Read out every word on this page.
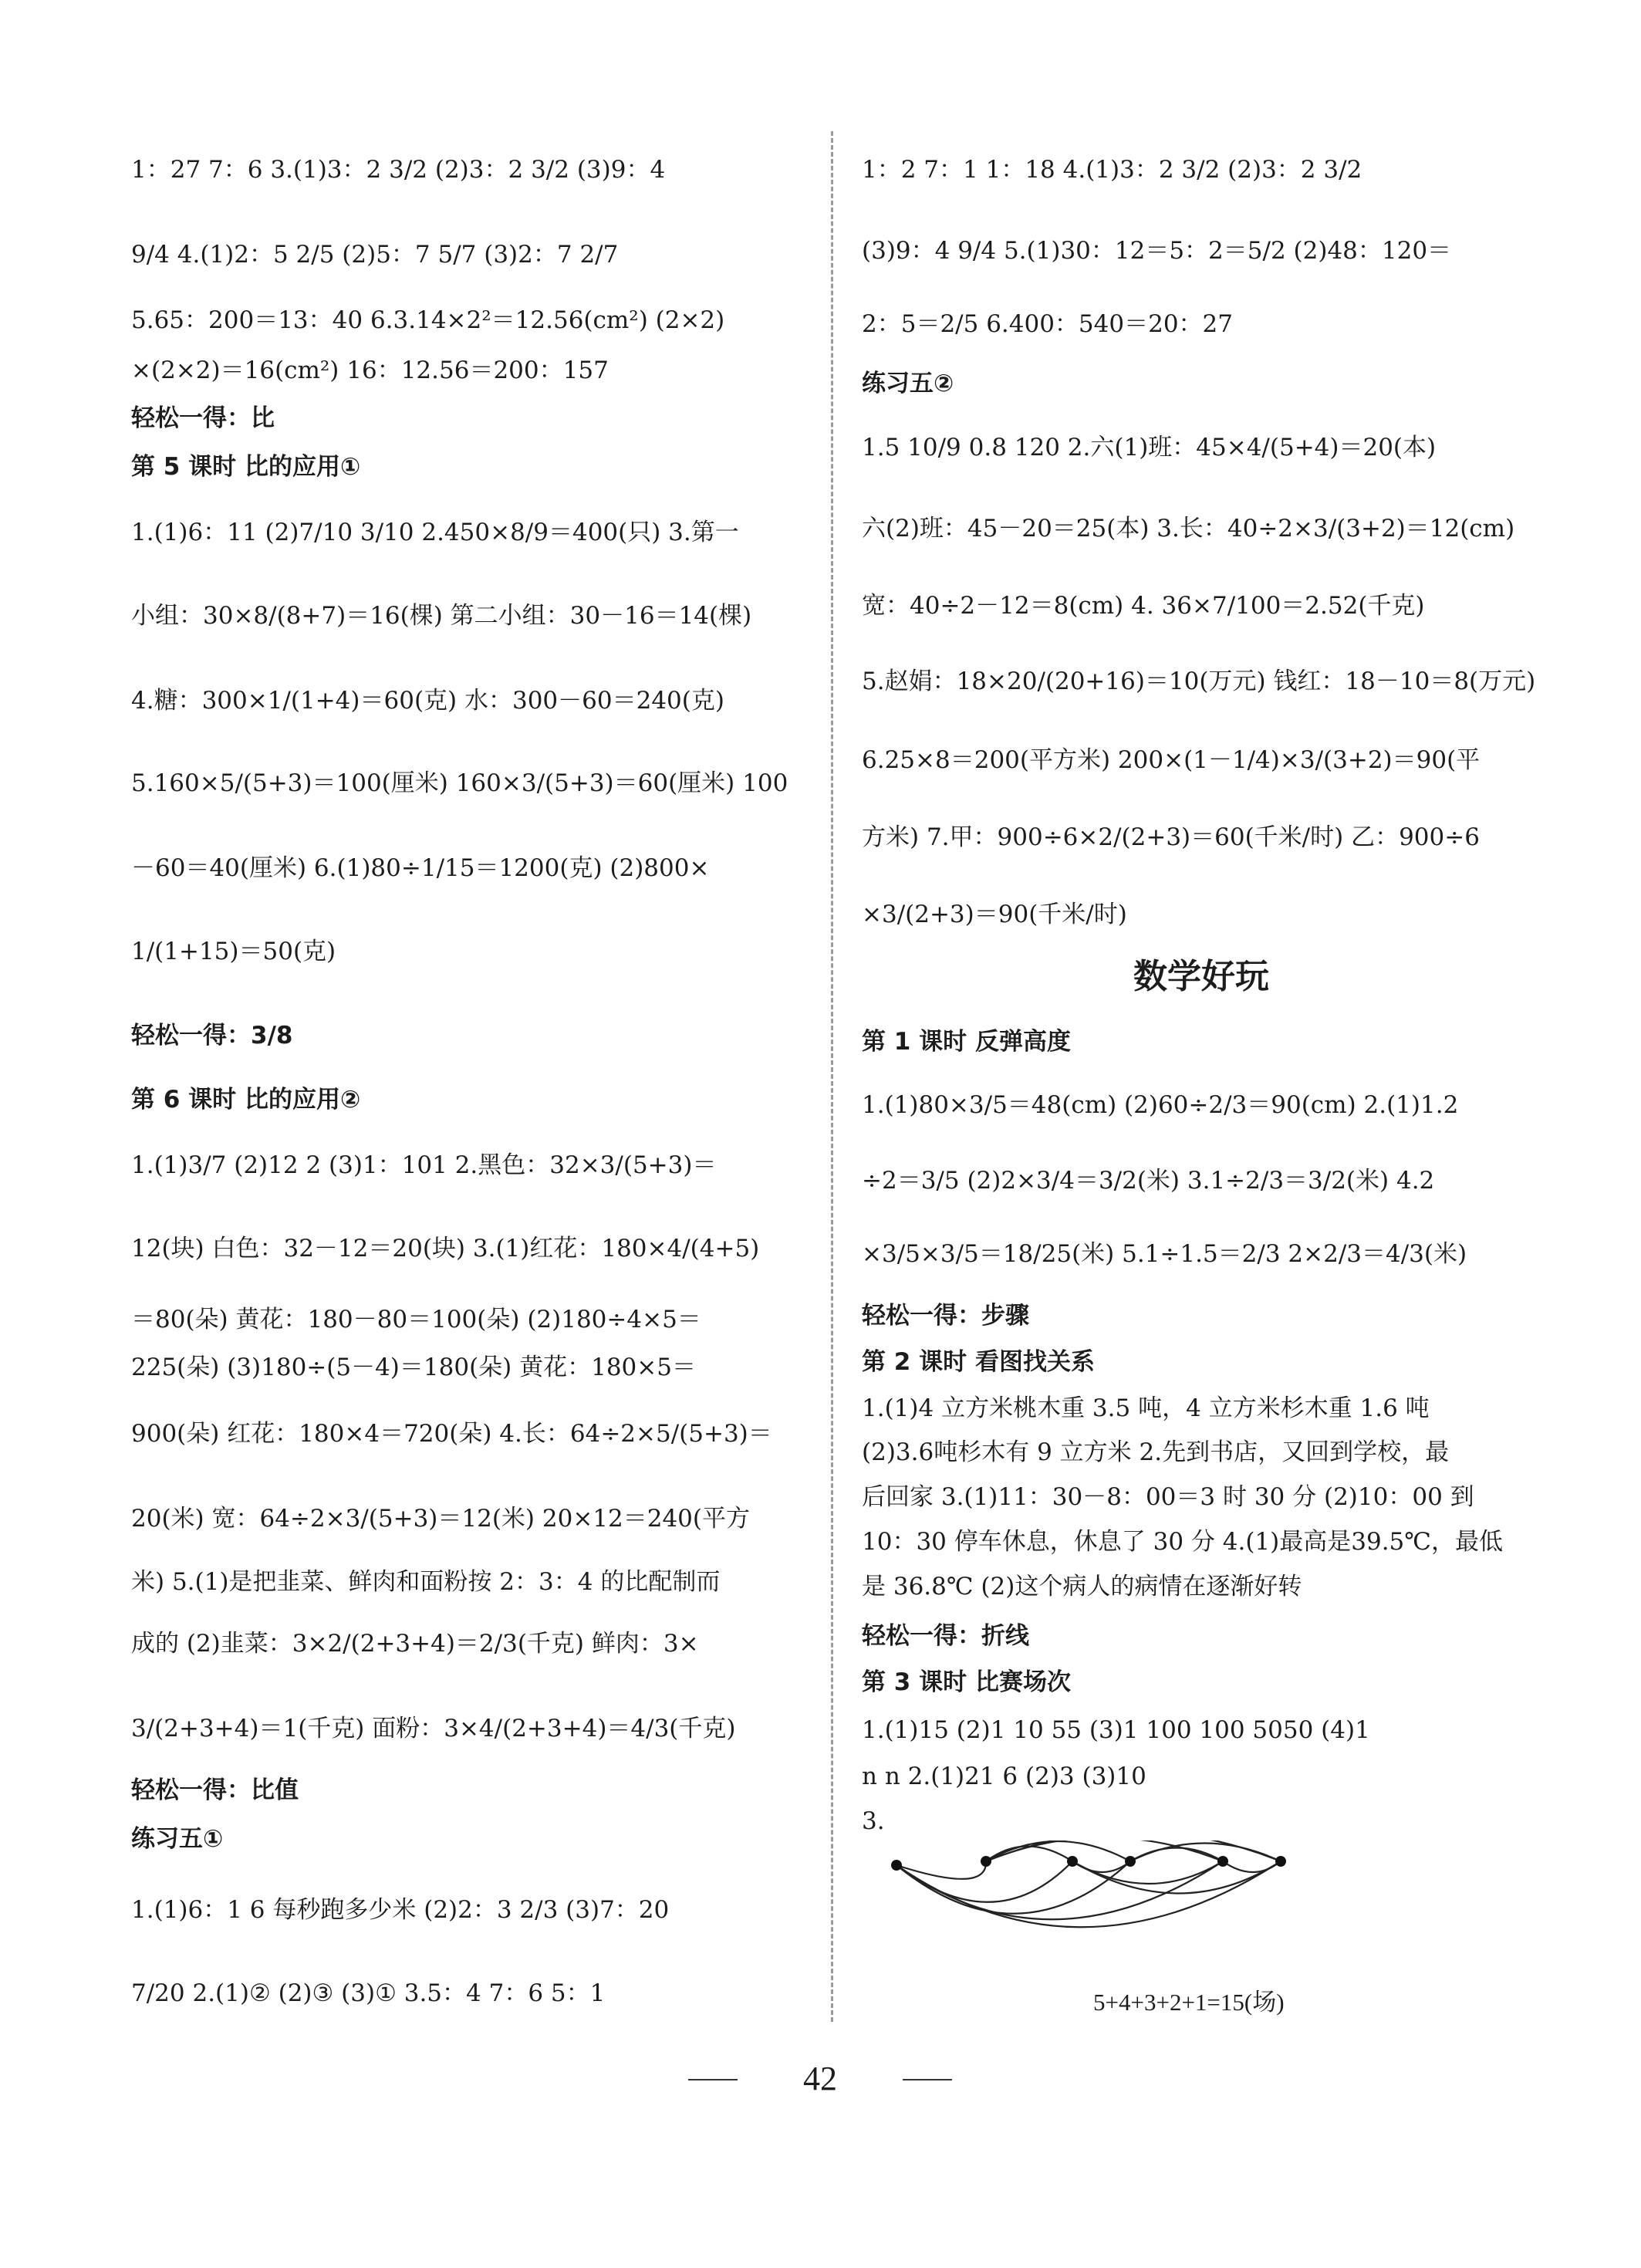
1：27 7：6 3.(1)3：2 3/2 (2)3：2 3/2 (3)9：4
9/4 4.(1)2：5 2/5 (2)5：7 5/7 (3)2：7 2/7
5.65：200＝13：40 6.3.14×2²＝12.56(cm²) (2×2)
×(2×2)＝16(cm²) 16：12.56＝200：157
轻松一得：比
第 5 课时 比的应用①
1.(1)6：11 (2)7/10 3/10 2.450×8/9＝400(只) 3.第一
小组：30×8/(8+7)＝16(棵) 第二小组：30－16＝14(棵)
4.糖：300×1/(1+4)＝60(克) 水：300－60＝240(克)
5.160×5/(5+3)＝100(厘米) 160×3/(5+3)＝60(厘米) 100
－60＝40(厘米) 6.(1)80÷1/15＝1200(克) (2)800×
1/(1+15)＝50(克)
轻松一得：3/8
第 6 课时 比的应用②
1.(1)3/7 (2)12 2 (3)1：101 2.黑色：32×3/(5+3)＝
12(块) 白色：32－12＝20(块) 3.(1)红花：180×4/(4+5)
＝80(朵) 黄花：180－80＝100(朵) (2)180÷4×5＝
225(朵) (3)180÷(5－4)＝180(朵) 黄花：180×5＝
900(朵) 红花：180×4＝720(朵) 4.长：64÷2×5/(5+3)＝
20(米) 宽：64÷2×3/(5+3)＝12(米) 20×12＝240(平方
米) 5.(1)是把韭菜、鲜肉和面粉按 2：3：4 的比配制而
成的 (2)韭菜：3×2/(2+3+4)＝2/3(千克) 鲜肉：3×
3/(2+3+4)＝1(千克) 面粉：3×4/(2+3+4)＝4/3(千克)
轻松一得：比值
练习五①
1.(1)6：1 6 每秒跑多少米 (2)2：3 2/3 (3)7：20
7/20 2.(1)② (2)③ (3)① 3.5：4 7：6 5：1
数学好玩
1：2 7：1 1：18 4.(1)3：2 3/2 (2)3：2 3/2
(3)9：4 9/4 5.(1)30：12＝5：2＝5/2 (2)48：120＝
2：5＝2/5 6.400：540＝20：27
练习五②
1.5 10/9 0.8 120 2.六(1)班：45×4/(5+4)＝20(本)
六(2)班：45－20＝25(本) 3.长：40÷2×3/(3+2)＝12(cm)
宽：40÷2－12＝8(cm) 4. 36×7/100＝2.52(千克)
5.赵娟：18×20/(20+16)＝10(万元) 钱红：18－10＝8(万元)
6.25×8＝200(平方米) 200×(1－1/4)×3/(3+2)＝90(平
方米) 7.甲：900÷6×2/(2+3)＝60(千米/时) 乙：900÷6
×3/(2+3)＝90(千米/时)
第 1 课时 反弹高度
1.(1)80×3/5＝48(cm) (2)60÷2/3＝90(cm) 2.(1)1.2
÷2＝3/5 (2)2×3/4＝3/2(米) 3.1÷2/3＝3/2(米) 4.2
×3/5×3/5＝18/25(米) 5.1÷1.5＝2/3 2×2/3＝4/3(米)
轻松一得：步骤
第 2 课时 看图找关系
1.(1)4 立方米桃木重 3.5 吨，4 立方米杉木重 1.6 吨
(2)3.6吨杉木有 9 立方米 2.先到书店，又回到学校，最
后回家 3.(1)11：30－8：00＝3 时 30 分 (2)10：00 到
10：30 停车休息，休息了 30 分 4.(1)最高是39.5℃，最低
是 36.8℃ (2)这个病人的病情在逐渐好转
轻松一得：折线
第 3 课时 比赛场次
1.(1)15 (2)1 10 55 (3)1 100 100 5050 (4)1
n n 2.(1)21 6 (2)3 (3)10
3.
5+4+3+2+1=15(场)
42
